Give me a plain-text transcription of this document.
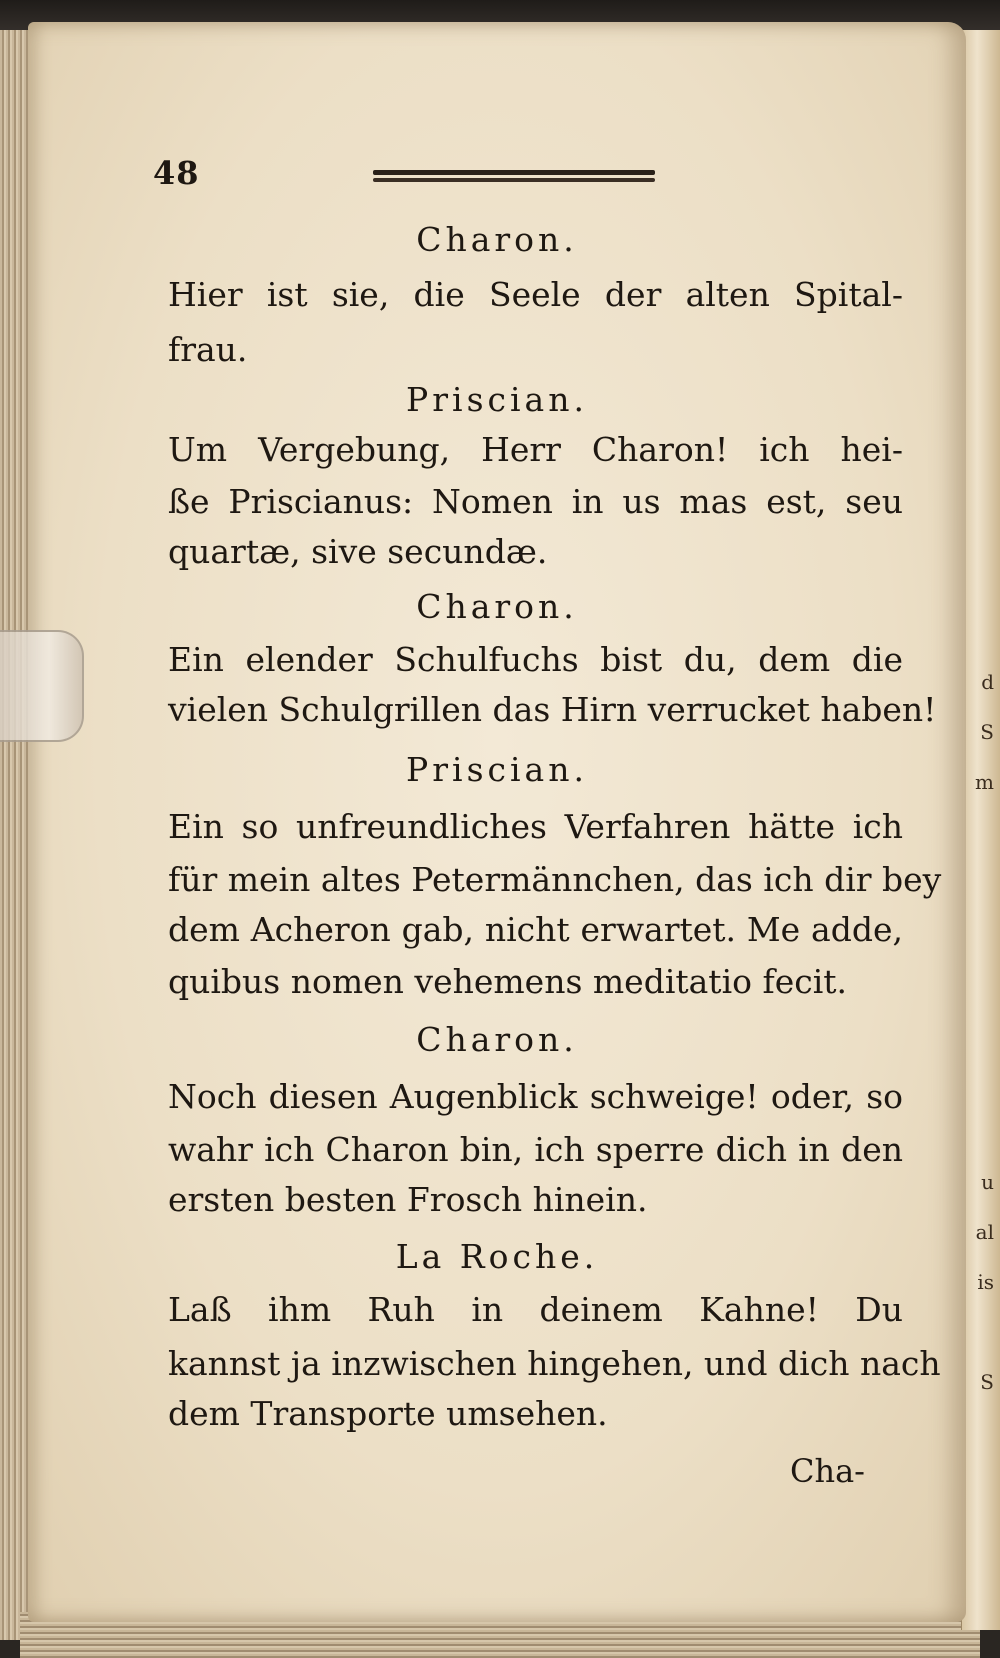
d
S
m
u
al
is
S
48
Charon.
Hier ist sie, die Seele der alten Spital-
frau.
Priscian.
Um Vergebung, Herr Charon! ich hei-
ße Priscianus: Nomen in us mas est, seu
quartæ, sive secundæ.
Charon.
Ein elender Schulfuchs bist du, dem die
vielen Schulgrillen das Hirn verrucket haben!
Priscian.
Ein so unfreundliches Verfahren hätte ich
für mein altes Petermännchen, das ich dir bey
dem Acheron gab, nicht erwartet. Me adde,
quibus nomen vehemens meditatio fecit.
Charon.
Noch diesen Augenblick schweige! oder, so
wahr ich Charon bin, ich sperre dich in den
ersten besten Frosch hinein.
La Roche.
Laß ihm Ruh in deinem Kahne! Du
kannst ja inzwischen hingehen, und dich nach
dem Transporte umsehen.
Cha-
